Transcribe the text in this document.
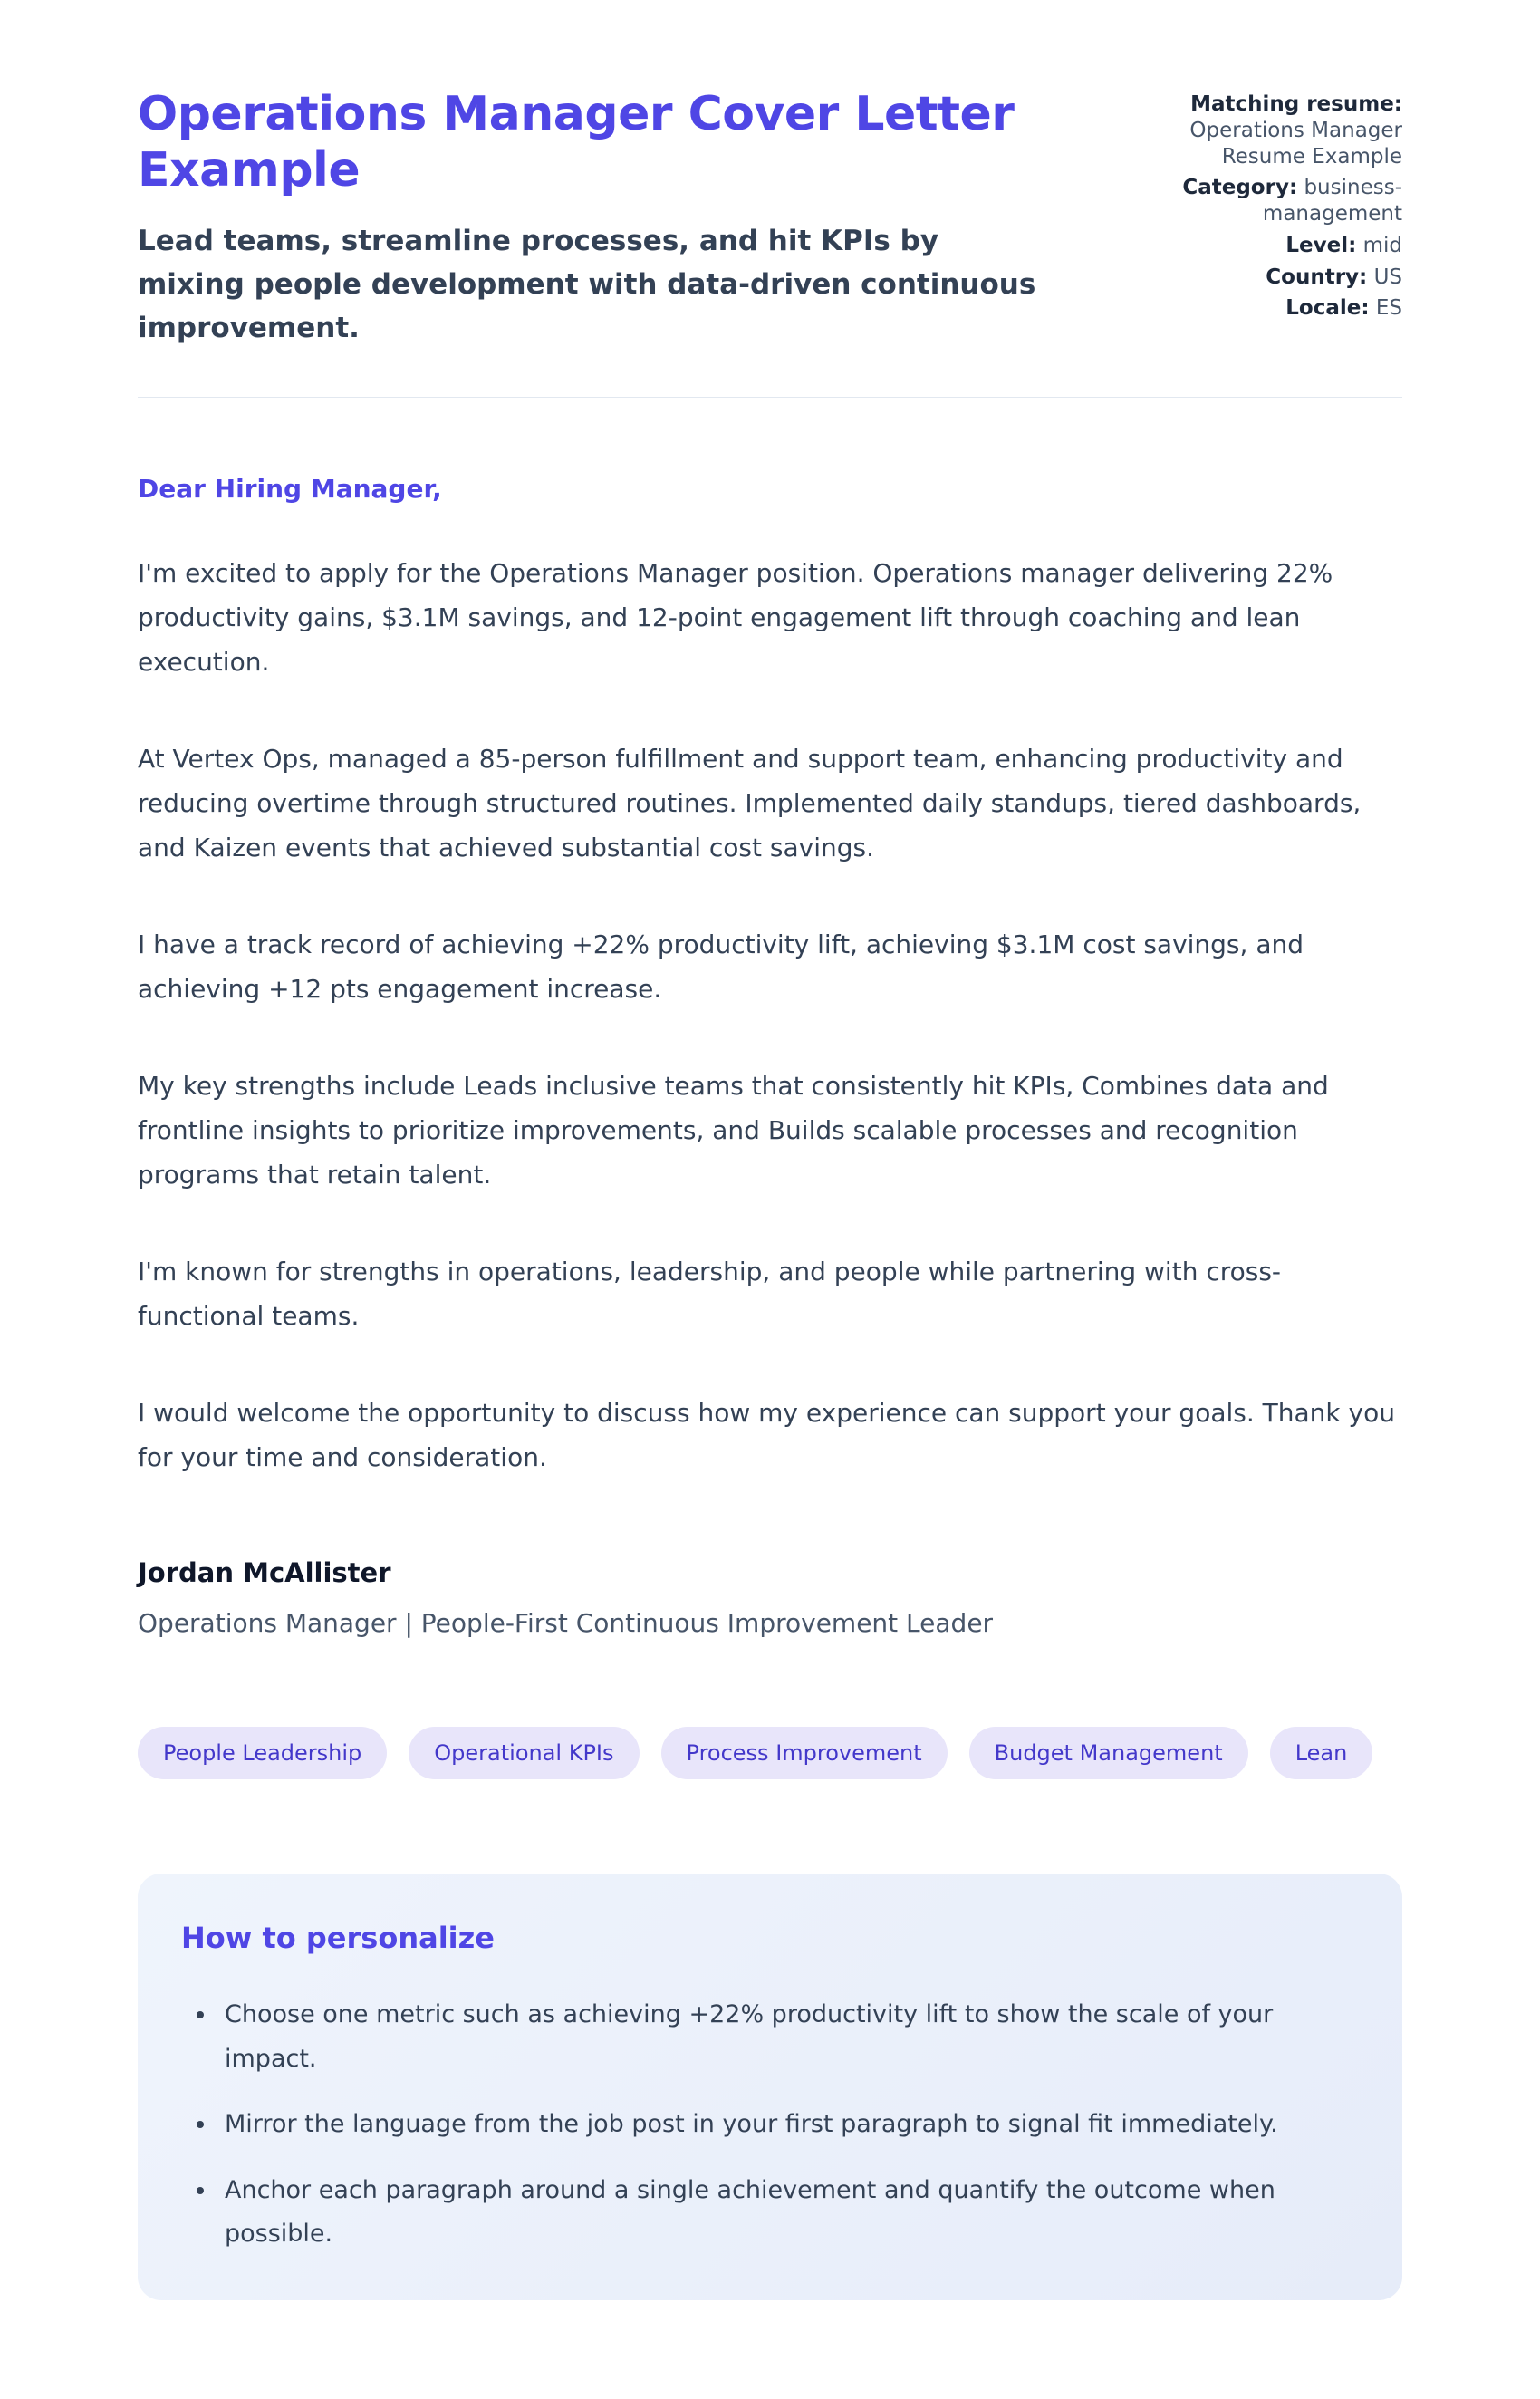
Operations Manager Cover Letter Example

Lead teams, streamline processes, and hit KPIs by mixing people development with data-driven continuous improvement.

Matching resume: Operations Manager Resume Example
Category: business-management
Level: mid
Country: US
Locale: ES

Dear Hiring Manager,

I'm excited to apply for the Operations Manager position. Operations manager delivering 22% productivity gains, $3.1M savings, and 12-point engagement lift through coaching and lean execution.

At Vertex Ops, managed a 85-person fulfillment and support team, enhancing productivity and reducing overtime through structured routines. Implemented daily standups, tiered dashboards, and Kaizen events that achieved substantial cost savings.

I have a track record of achieving +22% productivity lift, achieving $3.1M cost savings, and achieving +12 pts engagement increase.

My key strengths include Leads inclusive teams that consistently hit KPIs, Combines data and frontline insights to prioritize improvements, and Builds scalable processes and recognition programs that retain talent.

I'm known for strengths in operations, leadership, and people while partnering with cross-functional teams.

I would welcome the opportunity to discuss how my experience can support your goals. Thank you for your time and consideration.

Jordan McAllister

Operations Manager | People-First Continuous Improvement Leader

People Leadership	Operational KPIs	Process Improvement	Budget Management	Lean
How to personalize
• Choose one metric such as achieving +22% productivity lift to show the scale of your impact.
• Mirror the language from the job post in your first paragraph to signal fit immediately.
• Anchor each paragraph around a single achievement and quantify the outcome when possible.
